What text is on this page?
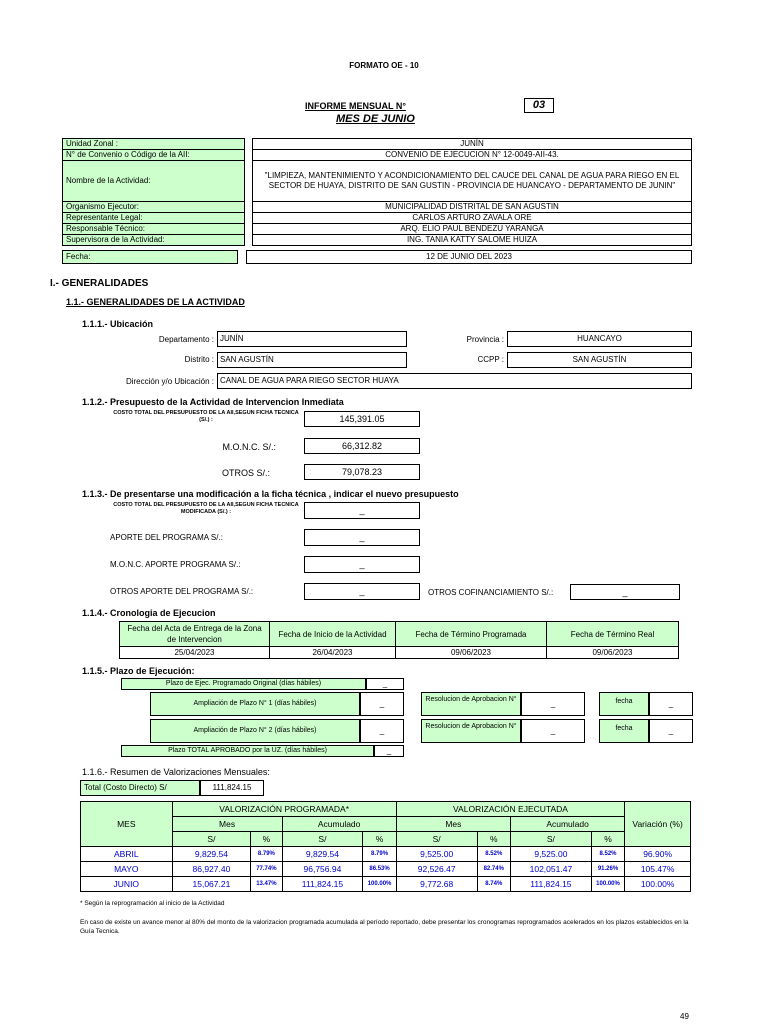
FORMATO OE - 10
INFORME MENSUAL N°	03
MES DE JUNIO
Unidad Zonal :		JUNÍN
N° de Convenio o Código de la AII:		CONVENIO DE EJECUCION N° 12-0049-AII-43.
Nombre de la Actividad:		"LIMPIEZA, MANTENIMIENTO Y ACONDICIONAMIENTO DEL CAUCE DEL CANAL DE AGUA PARA RIEGO EN EL SECTOR DE HUAYA, DISTRITO DE SAN GUSTIN - PROVINCIA DE HUANCAYO - DEPARTAMENTO DE JUNIN"
Organismo Ejecutor:		MUNICIPALIDAD DISTRITAL DE SAN AGUSTIN
Representante Legal:		CARLOS ARTURO ZAVALA ORE
Responsable Técnico:		ARQ. ELIO PAUL BENDEZU YARANGA
Supervisora de la Actividad:		ING. TANIA KATTY SALOME HUIZA
Fecha:	12 DE JUNIO DEL 2023
I.- GENERALIDADES
1.1.- GENERALIDADES DE LA ACTIVIDAD
1.1.1.- Ubicación
Departamento : JUNÍN	Provincia :	HUANCAYO
Distrito : SAN AGUSTÍN	CCPP :	SAN AGUSTÍN
Dirección y/o Ubicación : CANAL DE AGUA PARA RIEGO SECTOR HUAYA
1.1.2.- Presupuesto de la Actividad de Intervencion Inmediata
COSTO TOTAL DEL PRESUPUESTO DE LA AII,SEGUN FICHA TECNICA (S/.) :	145,391.05
M.O.N.C. S/.:	66,312.82
OTROS S/.:	79,078.23
1.1.3.- De presentarse una modificación a la ficha técnica , indicar el nuevo presupuesto
COSTO TOTAL DEL PRESUPUESTO DE LA AII,SEGUN FICHA TECNICA MODIFICADA (S/.) :	_
APORTE DEL PROGRAMA S/.:	_
M.O.N.C. APORTE PROGRAMA S/.:	_
OTROS APORTE DEL PROGRAMA S/.:	_	OTROS COFINANCIAMIENTO S/.:	_
1.1.4.- Cronologia de Ejecucion
Fecha del Acta de Entrega de la Zona de Intervencion	Fecha de Inicio de la Actividad	Fecha de Término Programada	Fecha de Término Real
25/04/2023	26/04/2023	09/06/2023	09/06/2023
1.1.5.- Plazo de Ejecución:
Plazo de Ejec. Programado Original (días hábiles)	_
Ampliación de Plazo N° 1 (días hábiles)	_	Resolucion de Aprobacion N°	_	fecha	_
Ampliación de Plazo N° 2 (días hábiles)	_	Resolucion de Aprobacion N°	_	fecha	_
Plazo TOTAL APROBADO por la UZ. (días hábiles)	_
1.1.6.- Resumen de Valorizaciones Mensuales:
Total (Costo Directo) S/	111,824.15
MES	VALORIZACIÓN PROGRAMADA*				VALORIZACIÓN EJECUTADA				Variación (%)
	Mes		Acumulado		Mes		Acumulado		
	S/	%	S/	%	S/	%	S/	%	
ABRIL	9,829.54	8.79%	9,829.54	8.79%	9,525.00	8.52%	9,525.00	8.52%	96.90%
MAYO	86,927.40	77.74%	96,756.94	86.53%	92,526.47	82.74%	102,051.47	91.26%	105.47%
JUNIO	15,067.21	13.47%	111,824.15	100.00%	9,772.68	8.74%	111,824.15	100.00%	100.00%
* Según la reprogramación al inicio de la Actividad
En caso de existe un avance menor al 80% del monto de la valorizacion programada acumulada al período reportado, debe presentar los cronogramas reprogramados acelerados en los plazos establecidos en la Guía Tecnica.
49
